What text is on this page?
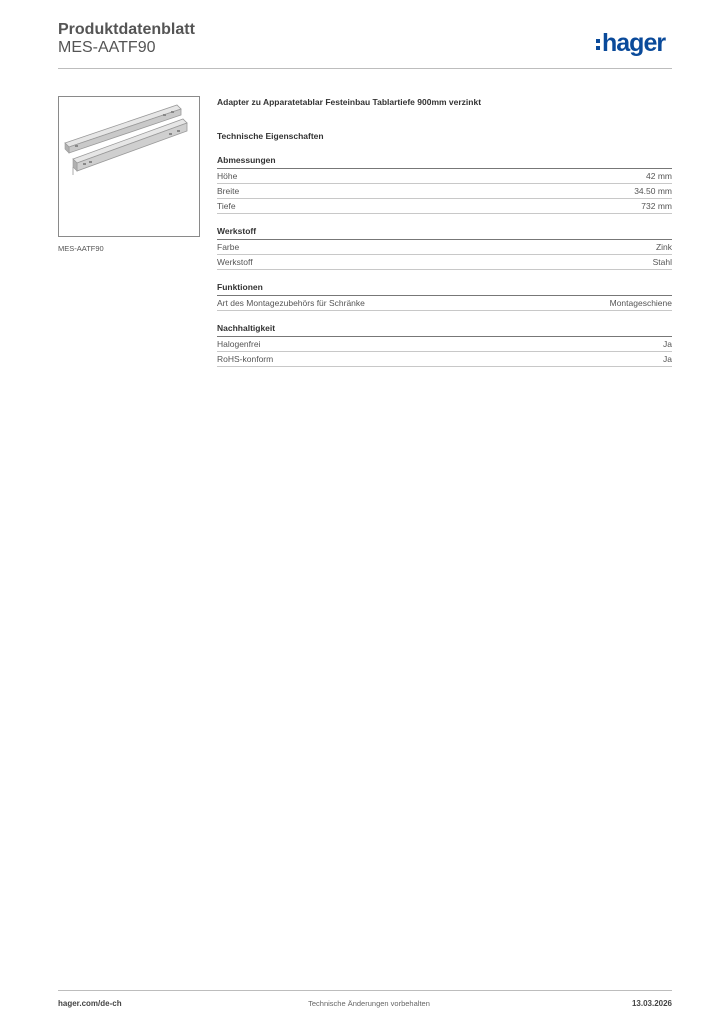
Produktdatenblatt
MES-AATF90	hager
MES-AATF90
Adapter zu Apparatetablar Festeinbau Tablartiefe 900mm verzinkt
Technische Eigenschaften
Abmessungen
Höhe	42 mm
Breite	34.50 mm
Tiefe	732 mm
Werkstoff
Farbe	Zink
Werkstoff	Stahl
Funktionen
Art des Montagezubehörs für Schränke	Montageschiene
Nachhaltigkeit
Halogenfrei	Ja
RoHS-konform	Ja
hager.com/de-ch	Technische Änderungen vorbehalten	13.03.2026
